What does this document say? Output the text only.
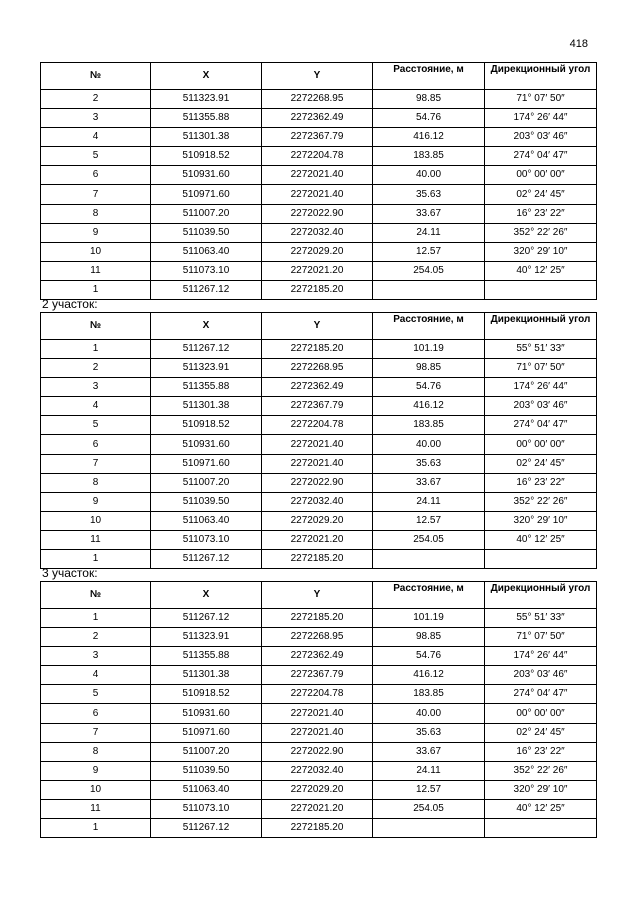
418
№	X	Y	Расстояние, м	Дирекционный угол
2	511323.91	2272268.95	98.85	71° 07′ 50″
3	511355.88	2272362.49	54.76	174° 26′ 44″
4	511301.38	2272367.79	416.12	203° 03′ 46″
5	510918.52	2272204.78	183.85	274° 04′ 47″
6	510931.60	2272021.40	40.00	00° 00′ 00″
7	510971.60	2272021.40	35.63	02° 24′ 45″
8	511007.20	2272022.90	33.67	16° 23′ 22″
9	511039.50	2272032.40	24.11	352° 22′ 26″
10	511063.40	2272029.20	12.57	320° 29′ 10″
11	511073.10	2272021.20	254.05	40° 12′ 25″
1	511267.12	2272185.20		
2 участок:
№	X	Y	Расстояние, м	Дирекционный угол
1	511267.12	2272185.20	101.19	55° 51′ 33″
2	511323.91	2272268.95	98.85	71° 07′ 50″
3	511355.88	2272362.49	54.76	174° 26′ 44″
4	511301.38	2272367.79	416.12	203° 03′ 46″
5	510918.52	2272204.78	183.85	274° 04′ 47″
6	510931.60	2272021.40	40.00	00° 00′ 00″
7	510971.60	2272021.40	35.63	02° 24′ 45″
8	511007.20	2272022.90	33.67	16° 23′ 22″
9	511039.50	2272032.40	24.11	352° 22′ 26″
10	511063.40	2272029.20	12.57	320° 29′ 10″
11	511073.10	2272021.20	254.05	40° 12′ 25″
1	511267.12	2272185.20		
3 участок:
№	X	Y	Расстояние, м	Дирекционный угол
1	511267.12	2272185.20	101.19	55° 51′ 33″
2	511323.91	2272268.95	98.85	71° 07′ 50″
3	511355.88	2272362.49	54.76	174° 26′ 44″
4	511301.38	2272367.79	416.12	203° 03′ 46″
5	510918.52	2272204.78	183.85	274° 04′ 47″
6	510931.60	2272021.40	40.00	00° 00′ 00″
7	510971.60	2272021.40	35.63	02° 24′ 45″
8	511007.20	2272022.90	33.67	16° 23′ 22″
9	511039.50	2272032.40	24.11	352° 22′ 26″
10	511063.40	2272029.20	12.57	320° 29′ 10″
11	511073.10	2272021.20	254.05	40° 12′ 25″
1	511267.12	2272185.20		
